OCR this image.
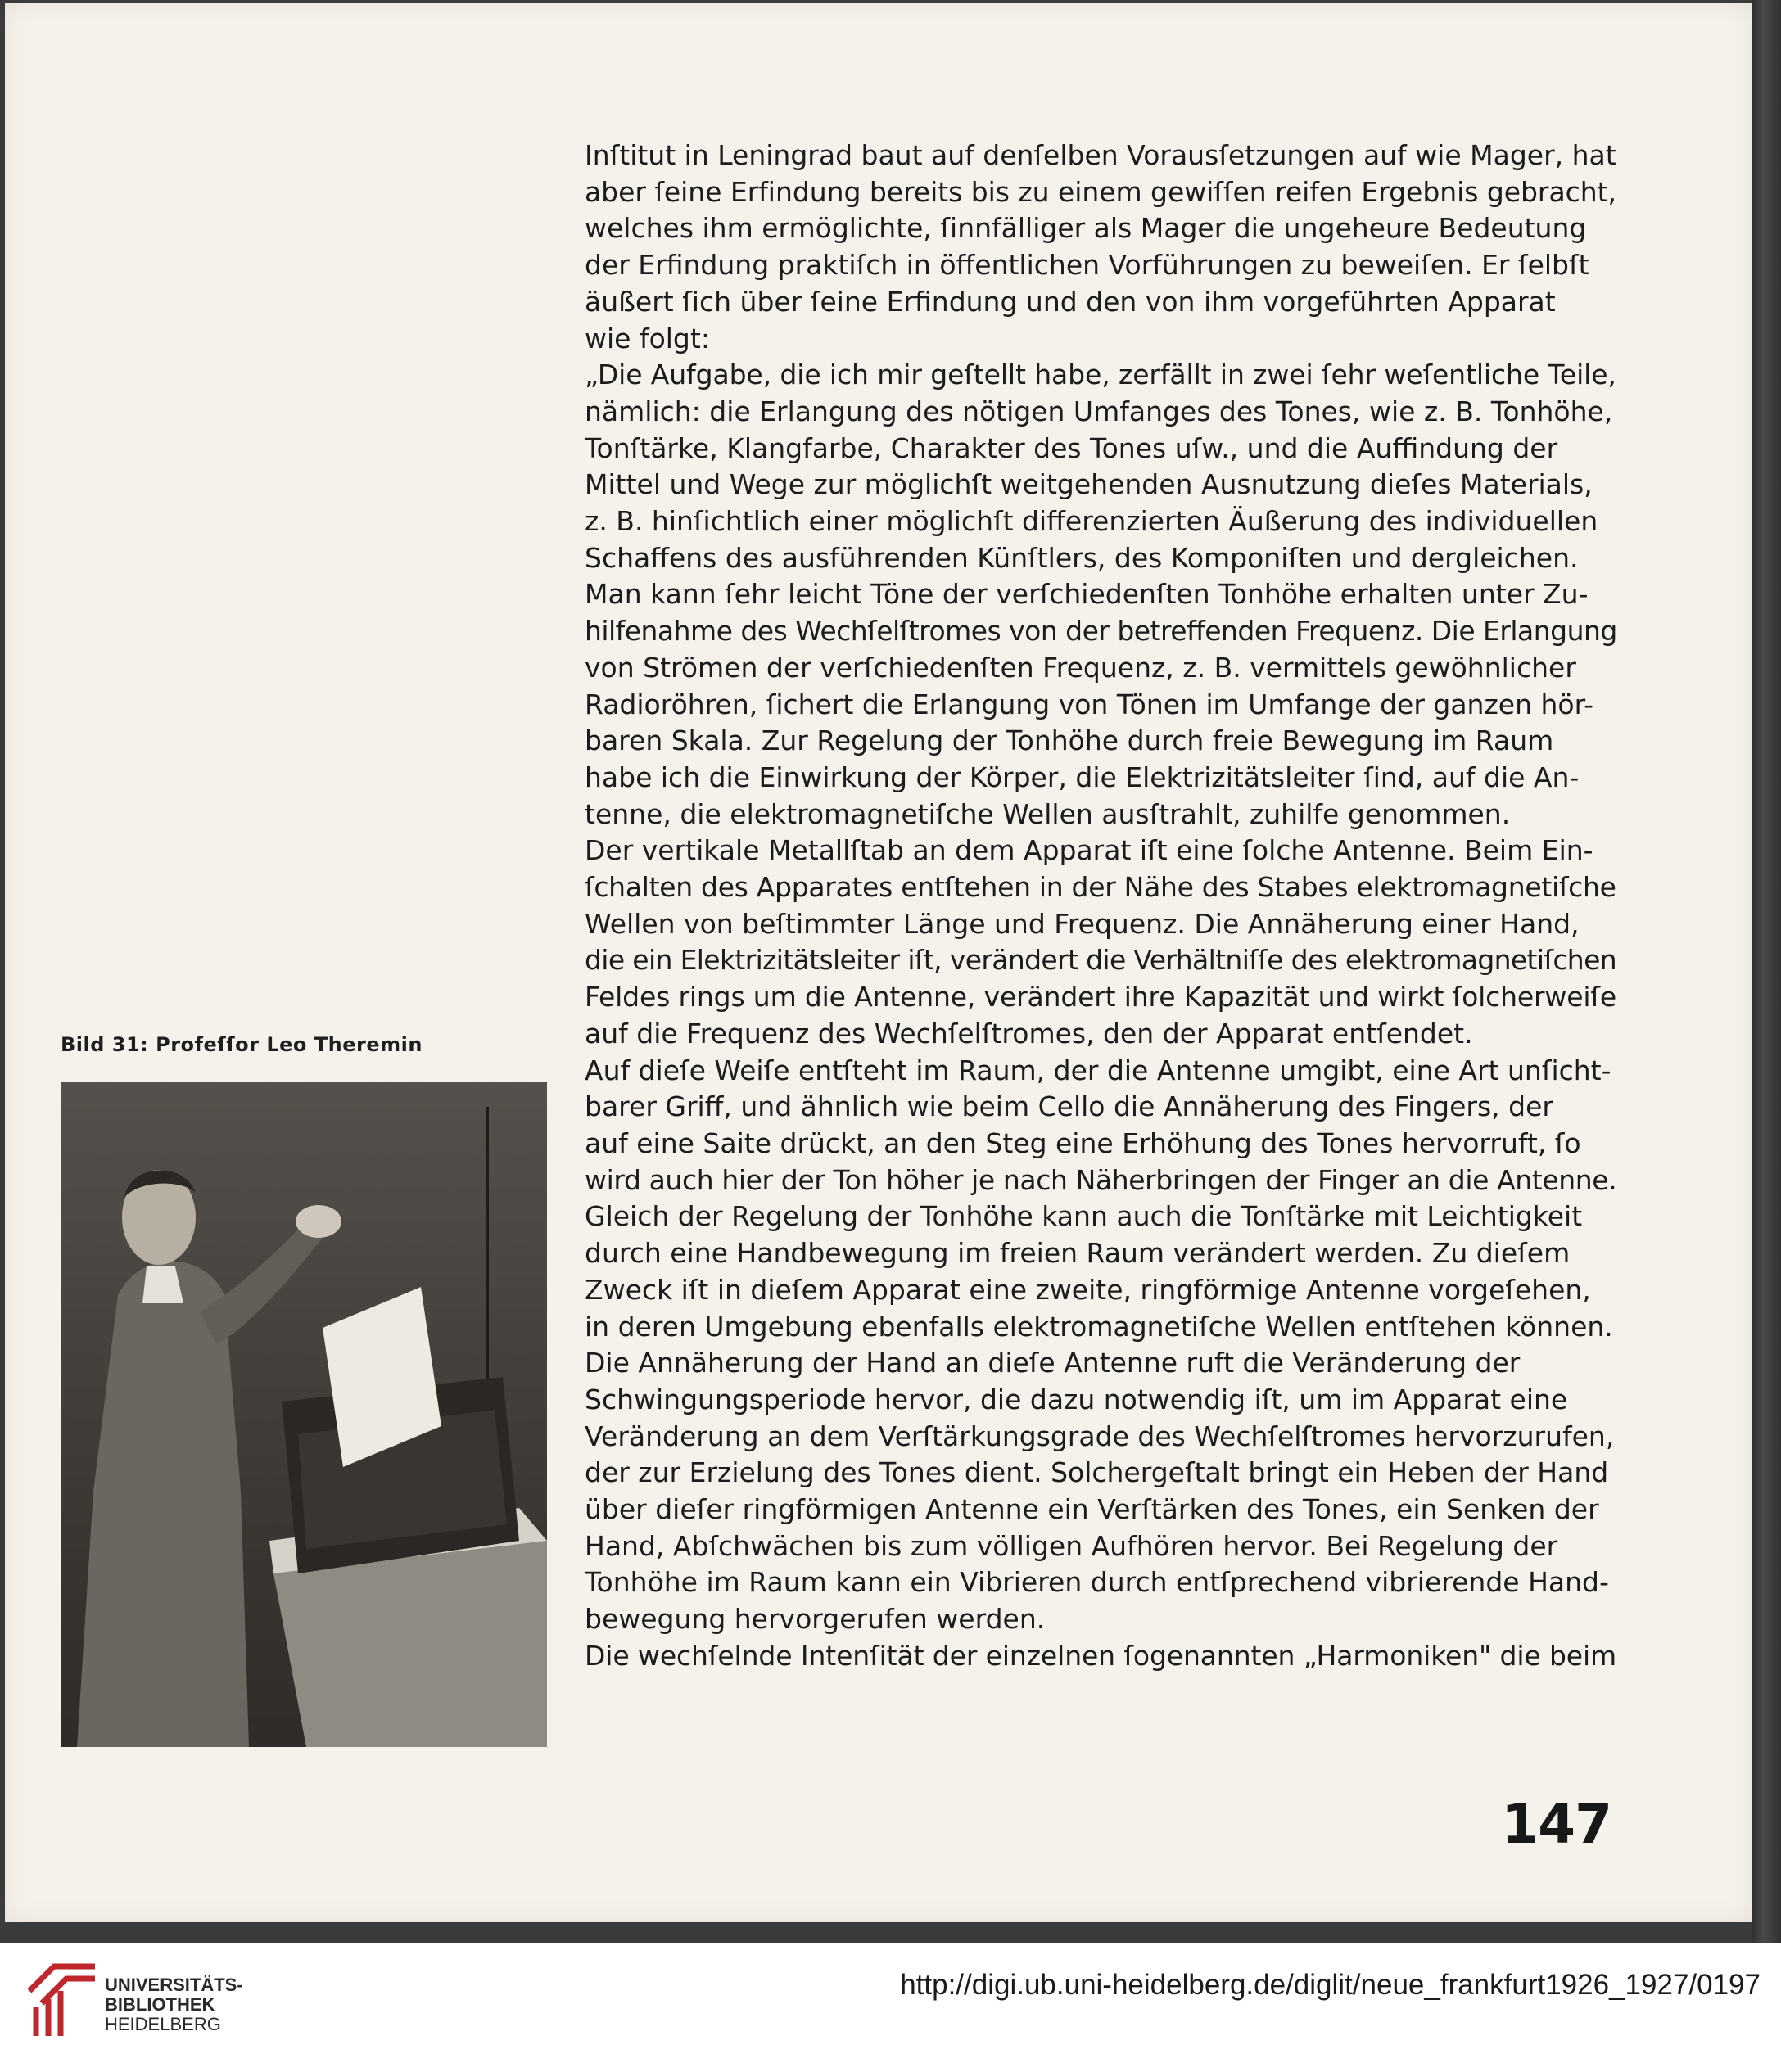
Inſtitut in Leningrad baut auf denſelben Vorausſetzungen auf wie Mager, hat
aber ſeine Erfindung bereits bis zu einem gewiſſen reifen Ergebnis gebracht,
welches ihm ermöglichte, ſinnfälliger als Mager die ungeheure Bedeutung
der Erfindung praktiſch in öffentlichen Vorführungen zu beweiſen. Er ſelbſt
äußert ſich über ſeine Erfindung und den von ihm vorgeführten Apparat
wie folgt:
„Die Aufgabe, die ich mir geſtellt habe, zerfällt in zwei ſehr weſentliche Teile,
nämlich: die Erlangung des nötigen Umfanges des Tones, wie z. B. Tonhöhe,
Tonſtärke, Klangfarbe, Charakter des Tones uſw., und die Auffindung der
Mittel und Wege zur möglichſt weitgehenden Ausnutzung dieſes Materials,
z. B. hinſichtlich einer möglichſt differenzierten Äußerung des individuellen
Schaffens des ausführenden Künſtlers, des Komponiſten und dergleichen.
Man kann ſehr leicht Töne der verſchiedenſten Tonhöhe erhalten unter Zu-
hilfenahme des Wechſelſtromes von der betreffenden Frequenz. Die Erlangung
von Strömen der verſchiedenſten Frequenz, z. B. vermittels gewöhnlicher
Radioröhren, ſichert die Erlangung von Tönen im Umfange der ganzen hör-
baren Skala. Zur Regelung der Tonhöhe durch freie Bewegung im Raum
habe ich die Einwirkung der Körper, die Elektrizitätsleiter ſind, auf die An-
tenne, die elektromagnetiſche Wellen ausſtrahlt, zuhilfe genommen.
Der vertikale Metallſtab an dem Apparat iſt eine ſolche Antenne. Beim Ein-
ſchalten des Apparates entſtehen in der Nähe des Stabes elektromagnetiſche
Wellen von beſtimmter Länge und Frequenz. Die Annäherung einer Hand,
die ein Elektrizitätsleiter iſt, verändert die Verhältniſſe des elektromagnetiſchen
Feldes rings um die Antenne, verändert ihre Kapazität und wirkt ſolcherweiſe
auf die Frequenz des Wechſelſtromes, den der Apparat entſendet.
Auf dieſe Weiſe entſteht im Raum, der die Antenne umgibt, eine Art unſicht-
barer Griff, und ähnlich wie beim Cello die Annäherung des Fingers, der
auf eine Saite drückt, an den Steg eine Erhöhung des Tones hervorruft, ſo
wird auch hier der Ton höher je nach Näherbringen der Finger an die Antenne.
Gleich der Regelung der Tonhöhe kann auch die Tonſtärke mit Leichtigkeit
durch eine Handbewegung im freien Raum verändert werden. Zu dieſem
Zweck iſt in dieſem Apparat eine zweite, ringförmige Antenne vorgeſehen,
in deren Umgebung ebenfalls elektromagnetiſche Wellen entſtehen können.
Die Annäherung der Hand an dieſe Antenne ruft die Veränderung der
Schwingungsperiode hervor, die dazu notwendig iſt, um im Apparat eine
Veränderung an dem Verſtärkungsgrade des Wechſelſtromes hervorzurufen,
der zur Erzielung des Tones dient. Solchergeſtalt bringt ein Heben der Hand
über dieſer ringförmigen Antenne ein Verſtärken des Tones, ein Senken der
Hand, Abſchwächen bis zum völligen Aufhören hervor. Bei Regelung der
Tonhöhe im Raum kann ein Vibrieren durch entſprechend vibrierende Hand-
bewegung hervorgerufen werden.
Die wechſelnde Intenſität der einzelnen ſogenannten „Harmoniken" die beim
Bild 31: Profeſſor Leo Theremin
147
UNIVERSITÄTS-
BIBLIOTHEK
HEIDELBERG
http://digi.ub.uni-heidelberg.de/diglit/neue_frankfurt1926_1927/0197
